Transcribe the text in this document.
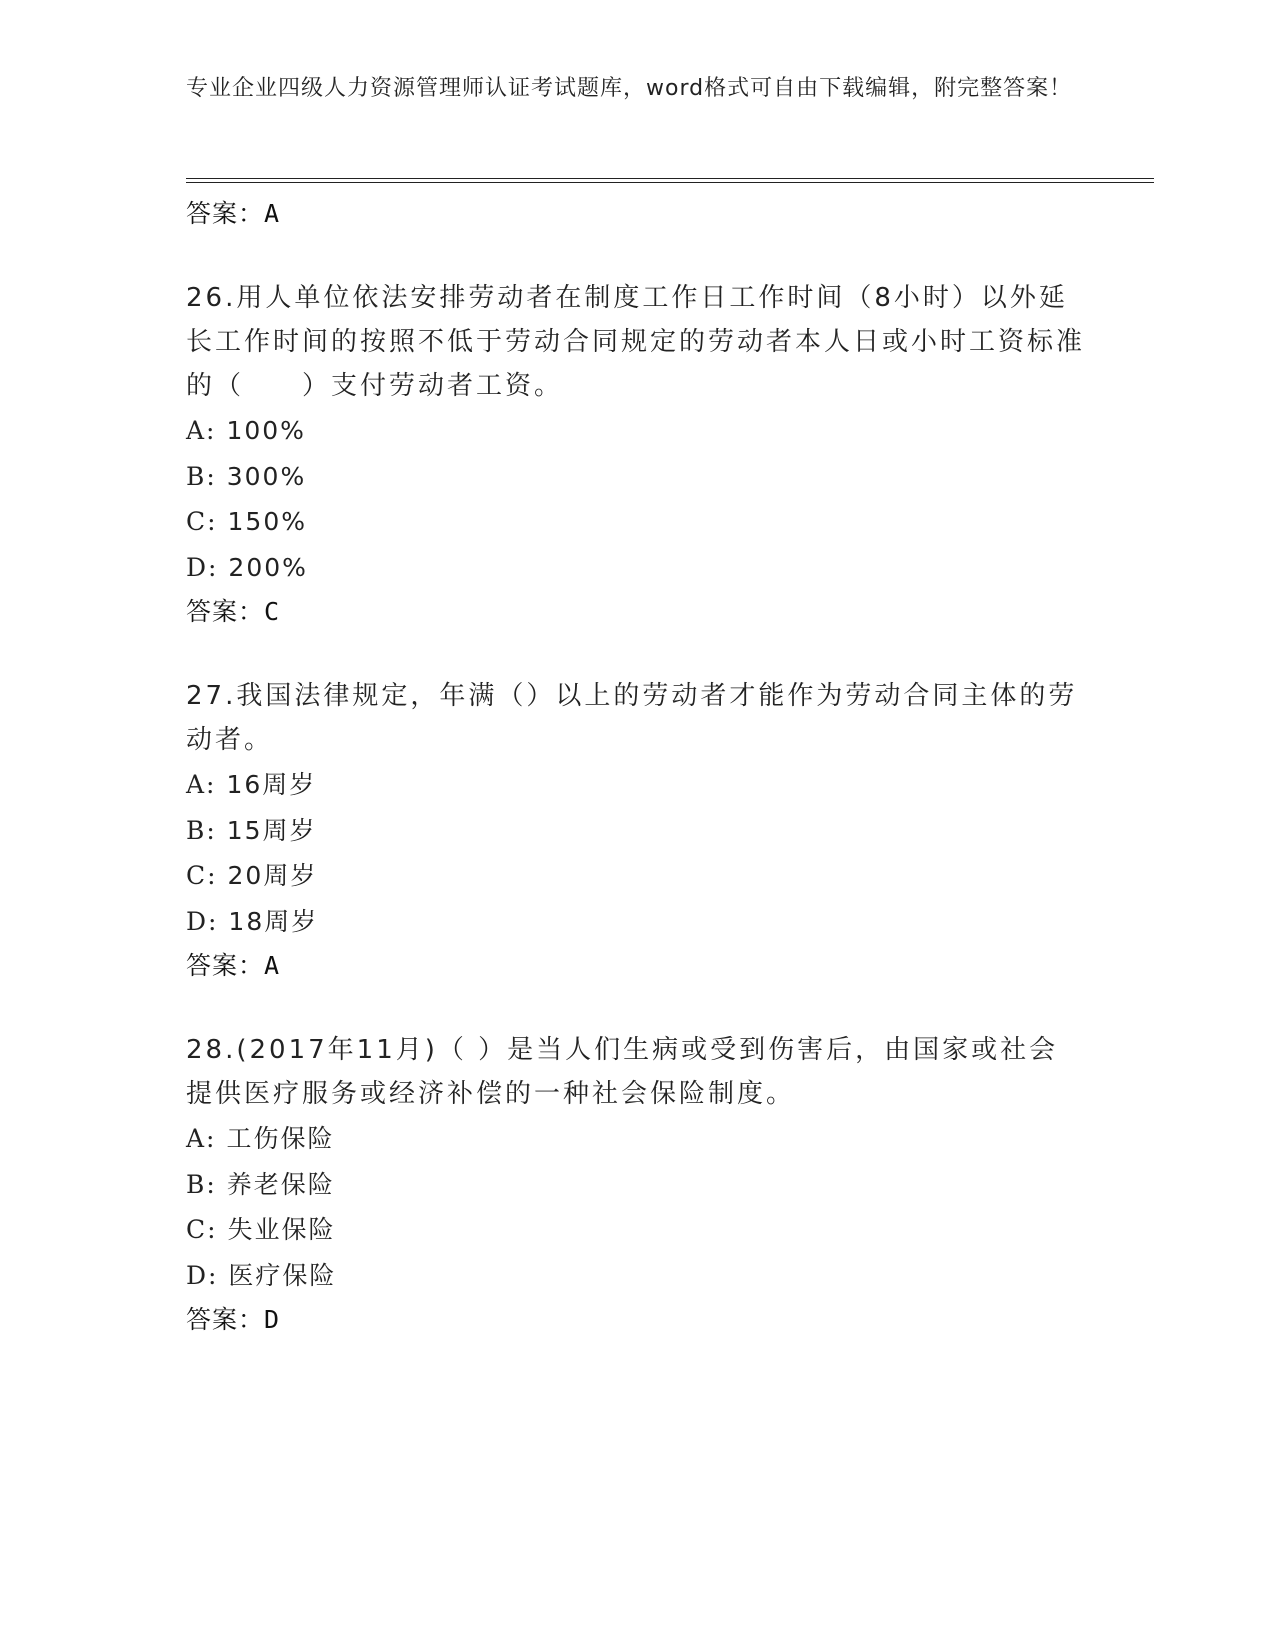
专业企业四级人力资源管理师认证考试题库，word格式可自由下载编辑，附完整答案！
答案：A

26.用人单位依法安排劳动者在制度工作日工作时间（8小时）以外延长工作时间的按照不低于劳动合同规定的劳动者本人日或小时工资标准的（　　）支付劳动者工资。

A: 100%
B: 300%
C: 150%
D: 200%
答案：C

27.我国法律规定，年满（）以上的劳动者才能作为劳动合同主体的劳动者。

A: 16周岁
B: 15周岁
C: 20周岁
D: 18周岁
答案：A

28.(2017年11月)（ ）是当人们生病或受到伤害后，由国家或社会提供医疗服务或经济补偿的一种社会保险制度。

A: 工伤保险
B: 养老保险
C: 失业保险
D: 医疗保险
答案：D
